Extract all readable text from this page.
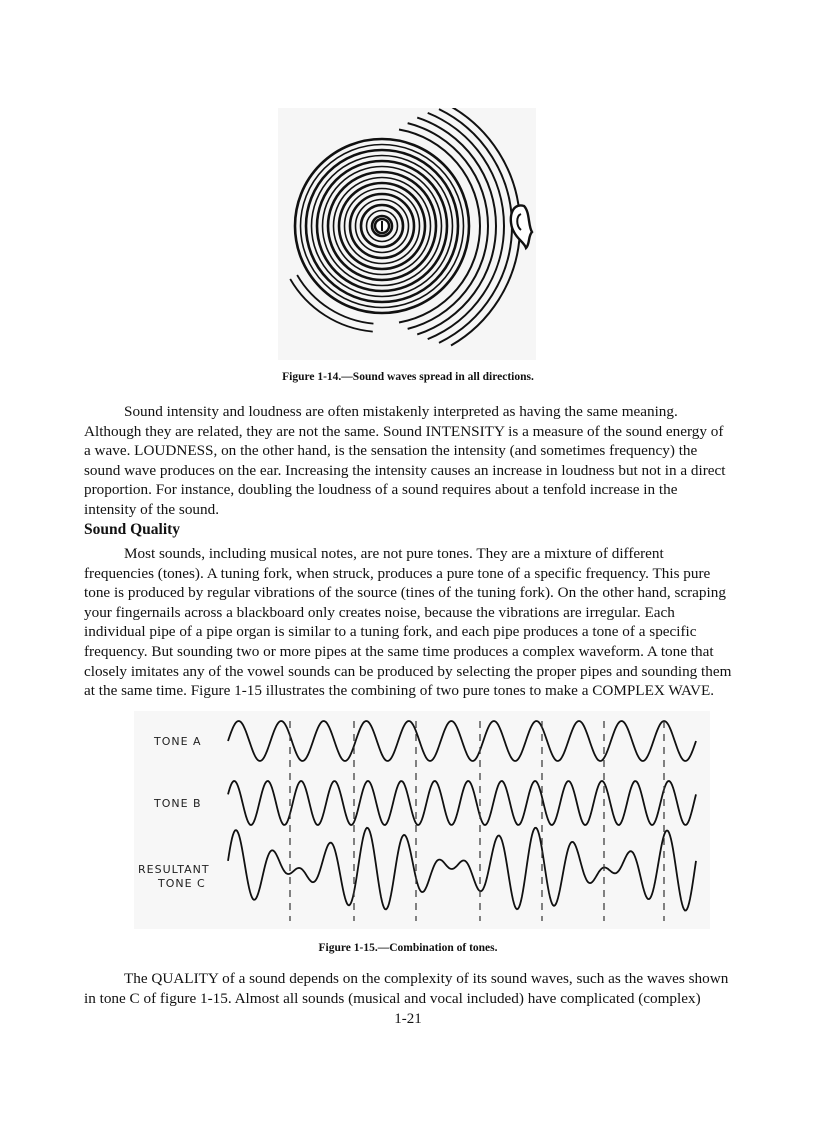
Figure 1-14.—Sound waves spread in all directions.

Sound intensity and loudness are often mistakenly interpreted as having the same meaning. Although they are related, they are not the same. Sound INTENSITY is a measure of the sound energy of a wave. LOUDNESS, on the other hand, is the sensation the intensity (and sometimes frequency) the sound wave produces on the ear. Increasing the intensity causes an increase in loudness but not in a direct proportion. For instance, doubling the loudness of a sound requires about a tenfold increase in the intensity of the sound.

Sound Quality

Most sounds, including musical notes, are not pure tones. They are a mixture of different frequencies (tones). A tuning fork, when struck, produces a pure tone of a specific frequency. This pure tone is produced by regular vibrations of the source (tines of the tuning fork). On the other hand, scraping your fingernails across a blackboard only creates noise, because the vibrations are irregular. Each individual pipe of a pipe organ is similar to a tuning fork, and each pipe produces a tone of a specific frequency. But sounding two or more pipes at the same time produces a complex waveform. A tone that closely imitates any of the vowel sounds can be produced by selecting the proper pipes and sounding them at the same time. Figure 1-15 illustrates the combining of two pure tones to make a COMPLEX WAVE.

TONE A
TONE B
RESULTANT
TONE C
Figure 1-15.—Combination of tones.

The QUALITY of a sound depends on the complexity of its sound waves, such as the waves shown in tone C of figure 1-15. Almost all sounds (musical and vocal included) have complicated (complex)

1-21
